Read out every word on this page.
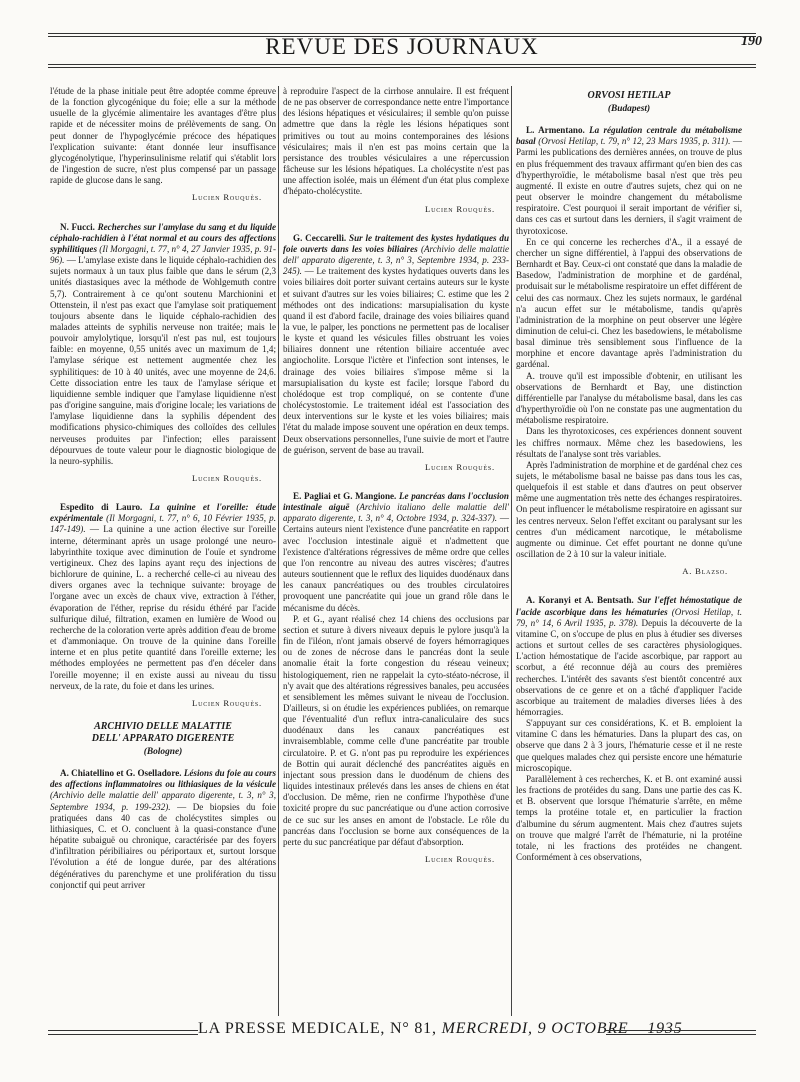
REVUE DES JOURNAUX	190

l'étude de la phase initiale peut être adoptée comme épreuve de la fonction glycogénique du foie; elle a sur la méthode usuelle de la glycémie alimentaire les avantages d'être plus rapide et de nécessiter moins de prélèvements de sang. On peut donner de l'hypoglycémie précoce des hépatiques l'explication suivante: étant donnée leur insuffisance glycogénolytique, l'hyperinsulinisme relatif qui s'établit lors de l'ingestion de sucre, n'est plus compensé par un passage rapide de glucose dans le sang.

Lucien Rouquès.

N. Fucci. Recherches sur l'amylase du sang et du liquide céphalo-rachidien à l'état normal et au cours des affections syphilitiques (Il Morgagni, t. 77, n° 4, 27 Janvier 1935, p. 91-96). — L'amylase existe dans le liquide céphalo-rachidien des sujets normaux à un taux plus faible que dans le sérum (2,3 unités diastasiques avec la méthode de Wohlgemuth contre 5,7). Contrairement à ce qu'ont soutenu Marchionini et Ottenstein, il n'est pas exact que l'amylase soit pratiquement toujours absente dans le liquide céphalo-rachidien des malades atteints de syphilis nerveuse non traitée; mais le pouvoir amylolytique, lorsqu'il n'est pas nul, est toujours faible: en moyenne, 0,55 unités avec un maximum de 1,4; l'amylase sérique est nettement augmentée chez les syphilitiques: de 10 à 40 unités, avec une moyenne de 24,6. Cette dissociation entre les taux de l'amylase sérique et liquidienne semble indiquer que l'amylase liquidienne n'est pas d'origine sanguine, mais d'origine locale; les variations de l'amylase liquidienne dans la syphilis dépendent des modifications physico-chimiques des colloïdes des cellules nerveuses produites par l'infection; elles paraissent dépourvues de toute valeur pour le diagnostic biologique de la neuro-syphilis.

Lucien Rouquès.

Espedito di Lauro. La quinine et l'oreille: étude expérimentale (Il Morgagni, t. 77, n° 6, 10 Février 1935, p. 147-149). — La quinine a une action élective sur l'oreille interne, déterminant après un usage prolongé une neuro-labyrinthite toxique avec diminution de l'ouïe et syndrome vertigineux. Chez des lapins ayant reçu des injections de bichlorure de quinine, L. a recherché celle-ci au niveau des divers organes avec la technique suivante: broyage de l'organe avec un excès de chaux vive, extraction à l'éther, évaporation de l'éther, reprise du résidu éthéré par l'acide sulfurique dilué, filtration, examen en lumière de Wood ou recherche de la coloration verte après addition d'eau de brome et d'ammoniaque. On trouve de la quinine dans l'oreille interne et en plus petite quantité dans l'oreille externe; les méthodes employées ne permettent pas d'en déceler dans l'oreille moyenne; il en existe aussi au niveau du tissu nerveux, de la rate, du foie et dans les urines.

Lucien Rouquès.
ARCHIVIO DELLE MALATTIE
DELL' APPARATO DIGERENTE
(Bologne)

A. Chiatellino et G. Oselladore. Lésions du foie au cours des affections inflammatoires ou lithiasiques de la vésicule (Archivio delle malattie dell' apparato digerente, t. 3, n° 3, Septembre 1934, p. 199-232). — De biopsies du foie pratiquées dans 40 cas de cholécystites simples ou lithiasiques, C. et O. concluent à la quasi-constance d'une hépatite subaiguë ou chronique, caractérisée par des foyers d'infiltration péribiliaires ou périportaux et, surtout lorsque l'évolution a été de longue durée, par des altérations dégénératives du parenchyme et une prolifération du tissu conjonctif qui peut arriver

à reproduire l'aspect de la cirrhose annulaire. Il est fréquent de ne pas observer de correspondance nette entre l'importance des lésions hépatiques et vésiculaires; il semble qu'on puisse admettre que dans la règle les lésions hépatiques sont primitives ou tout au moins contemporaines des lésions vésiculaires; mais il n'en est pas moins certain que la persistance des troubles vésiculaires a une répercussion fâcheuse sur les lésions hépatiques. La cholécystite n'est pas une affection isolée, mais un élément d'un état plus complexe d'hépato-cholécystite.

Lucien Rouquès.

G. Ceccarelli. Sur le traitement des kystes hydatiques du foie ouverts dans les voies biliaires (Archivio delle malattie dell' apparato digerente, t. 3, n° 3, Septembre 1934, p. 233-245). — Le traitement des kystes hydatiques ouverts dans les voies biliaires doit porter suivant certains auteurs sur le kyste et suivant d'autres sur les voies biliaires; C. estime que les 2 méthodes ont des indications: marsupialisation du kyste quand il est d'abord facile, drainage des voies biliaires quand la vue, le palper, les ponctions ne permettent pas de localiser le kyste et quand les vésicules filles obstruant les voies biliaires donnent une rétention biliaire accentuée avec angiocholite. Lorsque l'ictère et l'infection sont intenses, le drainage des voies biliaires s'impose même si la marsupialisation du kyste est facile; lorsque l'abord du cholédoque est trop compliqué, on se contente d'une cholécystostomie. Le traitement idéal est l'association des deux interventions sur le kyste et les voies biliaires; mais l'état du malade impose souvent une opération en deux temps. Deux observations personnelles, l'une suivie de mort et l'autre de guérison, servent de base au travail.

Lucien Rouquès.

E. Pagliai et G. Mangione. Le pancréas dans l'occlusion intestinale aiguë (Archivio italiano delle malattie dell' apparato digerente, t. 3, n° 4, Octobre 1934, p. 324-337). — Certains auteurs nient l'existence d'une pancréatite en rapport avec l'occlusion intestinale aiguë et n'admettent que l'existence d'altérations régressives de même ordre que celles que l'on rencontre au niveau des autres viscères; d'autres auteurs soutiennent que le reflux des liquides duodénaux dans les canaux pancréatiques ou des troubles circulatoires provoquent une pancréatite qui joue un grand rôle dans le mécanisme du décès.

P. et G., ayant réalisé chez 14 chiens des occlusions par section et suture à divers niveaux depuis le pylore jusqu'à la fin de l'iléon, n'ont jamais observé de foyers hémorragiques ou de zones de nécrose dans le pancréas dont la seule anomalie était la forte congestion du réseau veineux; histologiquement, rien ne rappelait la cyto-stéato-nécrose, il n'y avait que des altérations régressives banales, peu accusées et sensiblement les mêmes suivant le niveau de l'occlusion. D'ailleurs, si on étudie les expériences publiées, on remarque que l'éventualité d'un reflux intra-canaliculaire des sucs duodénaux dans les canaux pancréatiques est invraisemblable, comme celle d'une pancréatite par trouble circulatoire. P. et G. n'ont pas pu reproduire les expériences de Bottin qui aurait déclenché des pancréatites aiguës en injectant sous pression dans le duodénum de chiens des liquides intestinaux prélevés dans les anses de chiens en état d'occlusion. De même, rien ne confirme l'hypothèse d'une toxicité propre du suc pancréatique ou d'une action corrosive de ce suc sur les anses en amont de l'obstacle. Le rôle du pancréas dans l'occlusion se borne aux conséquences de la perte du suc pancréatique par défaut d'absorption.

Lucien Rouquès.
ORVOSI HETILAP
(Budapest)

L. Armentano. La régulation centrale du métabolisme basal (Orvosi Hetilap, t. 79, n° 12, 23 Mars 1935, p. 311). — Parmi les publications des dernières années, on trouve de plus en plus fréquemment des travaux affirmant qu'en bien des cas d'hyperthyroïdie, le métabolisme basal n'est que très peu augmenté. Il existe en outre d'autres sujets, chez qui on ne peut observer le moindre changement du métabolisme respiratoire. C'est pourquoi il serait important de vérifier si, dans ces cas et surtout dans les derniers, il s'agit vraiment de thyrotoxicose.

En ce qui concerne les recherches d'A., il a essayé de chercher un signe différentiel, à l'appui des observations de Bernhardt et Bay. Ceux-ci ont constaté que dans la maladie de Basedow, l'administration de morphine et de gardénal, produisait sur le métabolisme respiratoire un effet différent de celui des cas normaux. Chez les sujets normaux, le gardénal n'a aucun effet sur le métabolisme, tandis qu'après l'administration de la morphine on peut observer une légère diminution de celui-ci. Chez les basedowiens, le métabolisme basal diminue très sensiblement sous l'influence de la morphine et encore davantage après l'administration du gardénal.

A. trouve qu'il est impossible d'obtenir, en utilisant les observations de Bernhardt et Bay, une distinction différentielle par l'analyse du métabolisme basal, dans les cas d'hyperthyroïdie où l'on ne constate pas une augmentation du métabolisme respiratoire.

Dans les thyrotoxicoses, ces expériences donnent souvent les chiffres normaux. Même chez les basedowiens, les résultats de l'analyse sont très variables.

Après l'administration de morphine et de gardénal chez ces sujets, le métabolisme basal ne baisse pas dans tous les cas, quelquefois il est stable et dans d'autres on peut observer même une augmentation très nette des échanges respiratoires. On peut influencer le métabolisme respiratoire en agissant sur les centres nerveux. Selon l'effet excitant ou paralysant sur les centres d'un médicament narcotique, le métabolisme augmente ou diminue. Cet effet pourtant ne donne qu'une oscillation de 2 à 10 sur la valeur initiale.

A. Blazso.

A. Koranyi et A. Bentsath. Sur l'effet hémostatique de l'acide ascorbique dans les hématuries (Orvosi Hetilap, t. 79, n° 14, 6 Avril 1935, p. 378). Depuis la découverte de la vitamine C, on s'occupe de plus en plus à étudier ses diverses actions et surtout celles de ses caractères physiologiques. L'action hémostatique de l'acide ascorbique, par rapport au scorbut, a été reconnue déjà au cours des premières recherches. L'intérêt des savants s'est bientôt concentré aux observations de ce genre et on a tâché d'appliquer l'acide ascorbique au traitement de maladies diverses liées à des hémorragies.

S'appuyant sur ces considérations, K. et B. emploient la vitamine C dans les hématuries. Dans la plupart des cas, on observe que dans 2 à 3 jours, l'hématurie cesse et il ne reste que quelques malades chez qui persiste encore une hématurie microscopique.

Parallèlement à ces recherches, K. et B. ont examiné aussi les fractions de protéides du sang. Dans une partie des cas K. et B. observent que lorsque l'hématurie s'arrête, en même temps la protéine totale et, en particulier la fraction d'albumine du sérum augmentent. Mais chez d'autres sujets on trouve que malgré l'arrêt de l'hématurie, ni la protéine totale, ni les fractions des protéides ne changent. Conformément à ces observations,

LA PRESSE MEDICALE, N° 81, MERCREDI, 9 OCTOBRE 1935
